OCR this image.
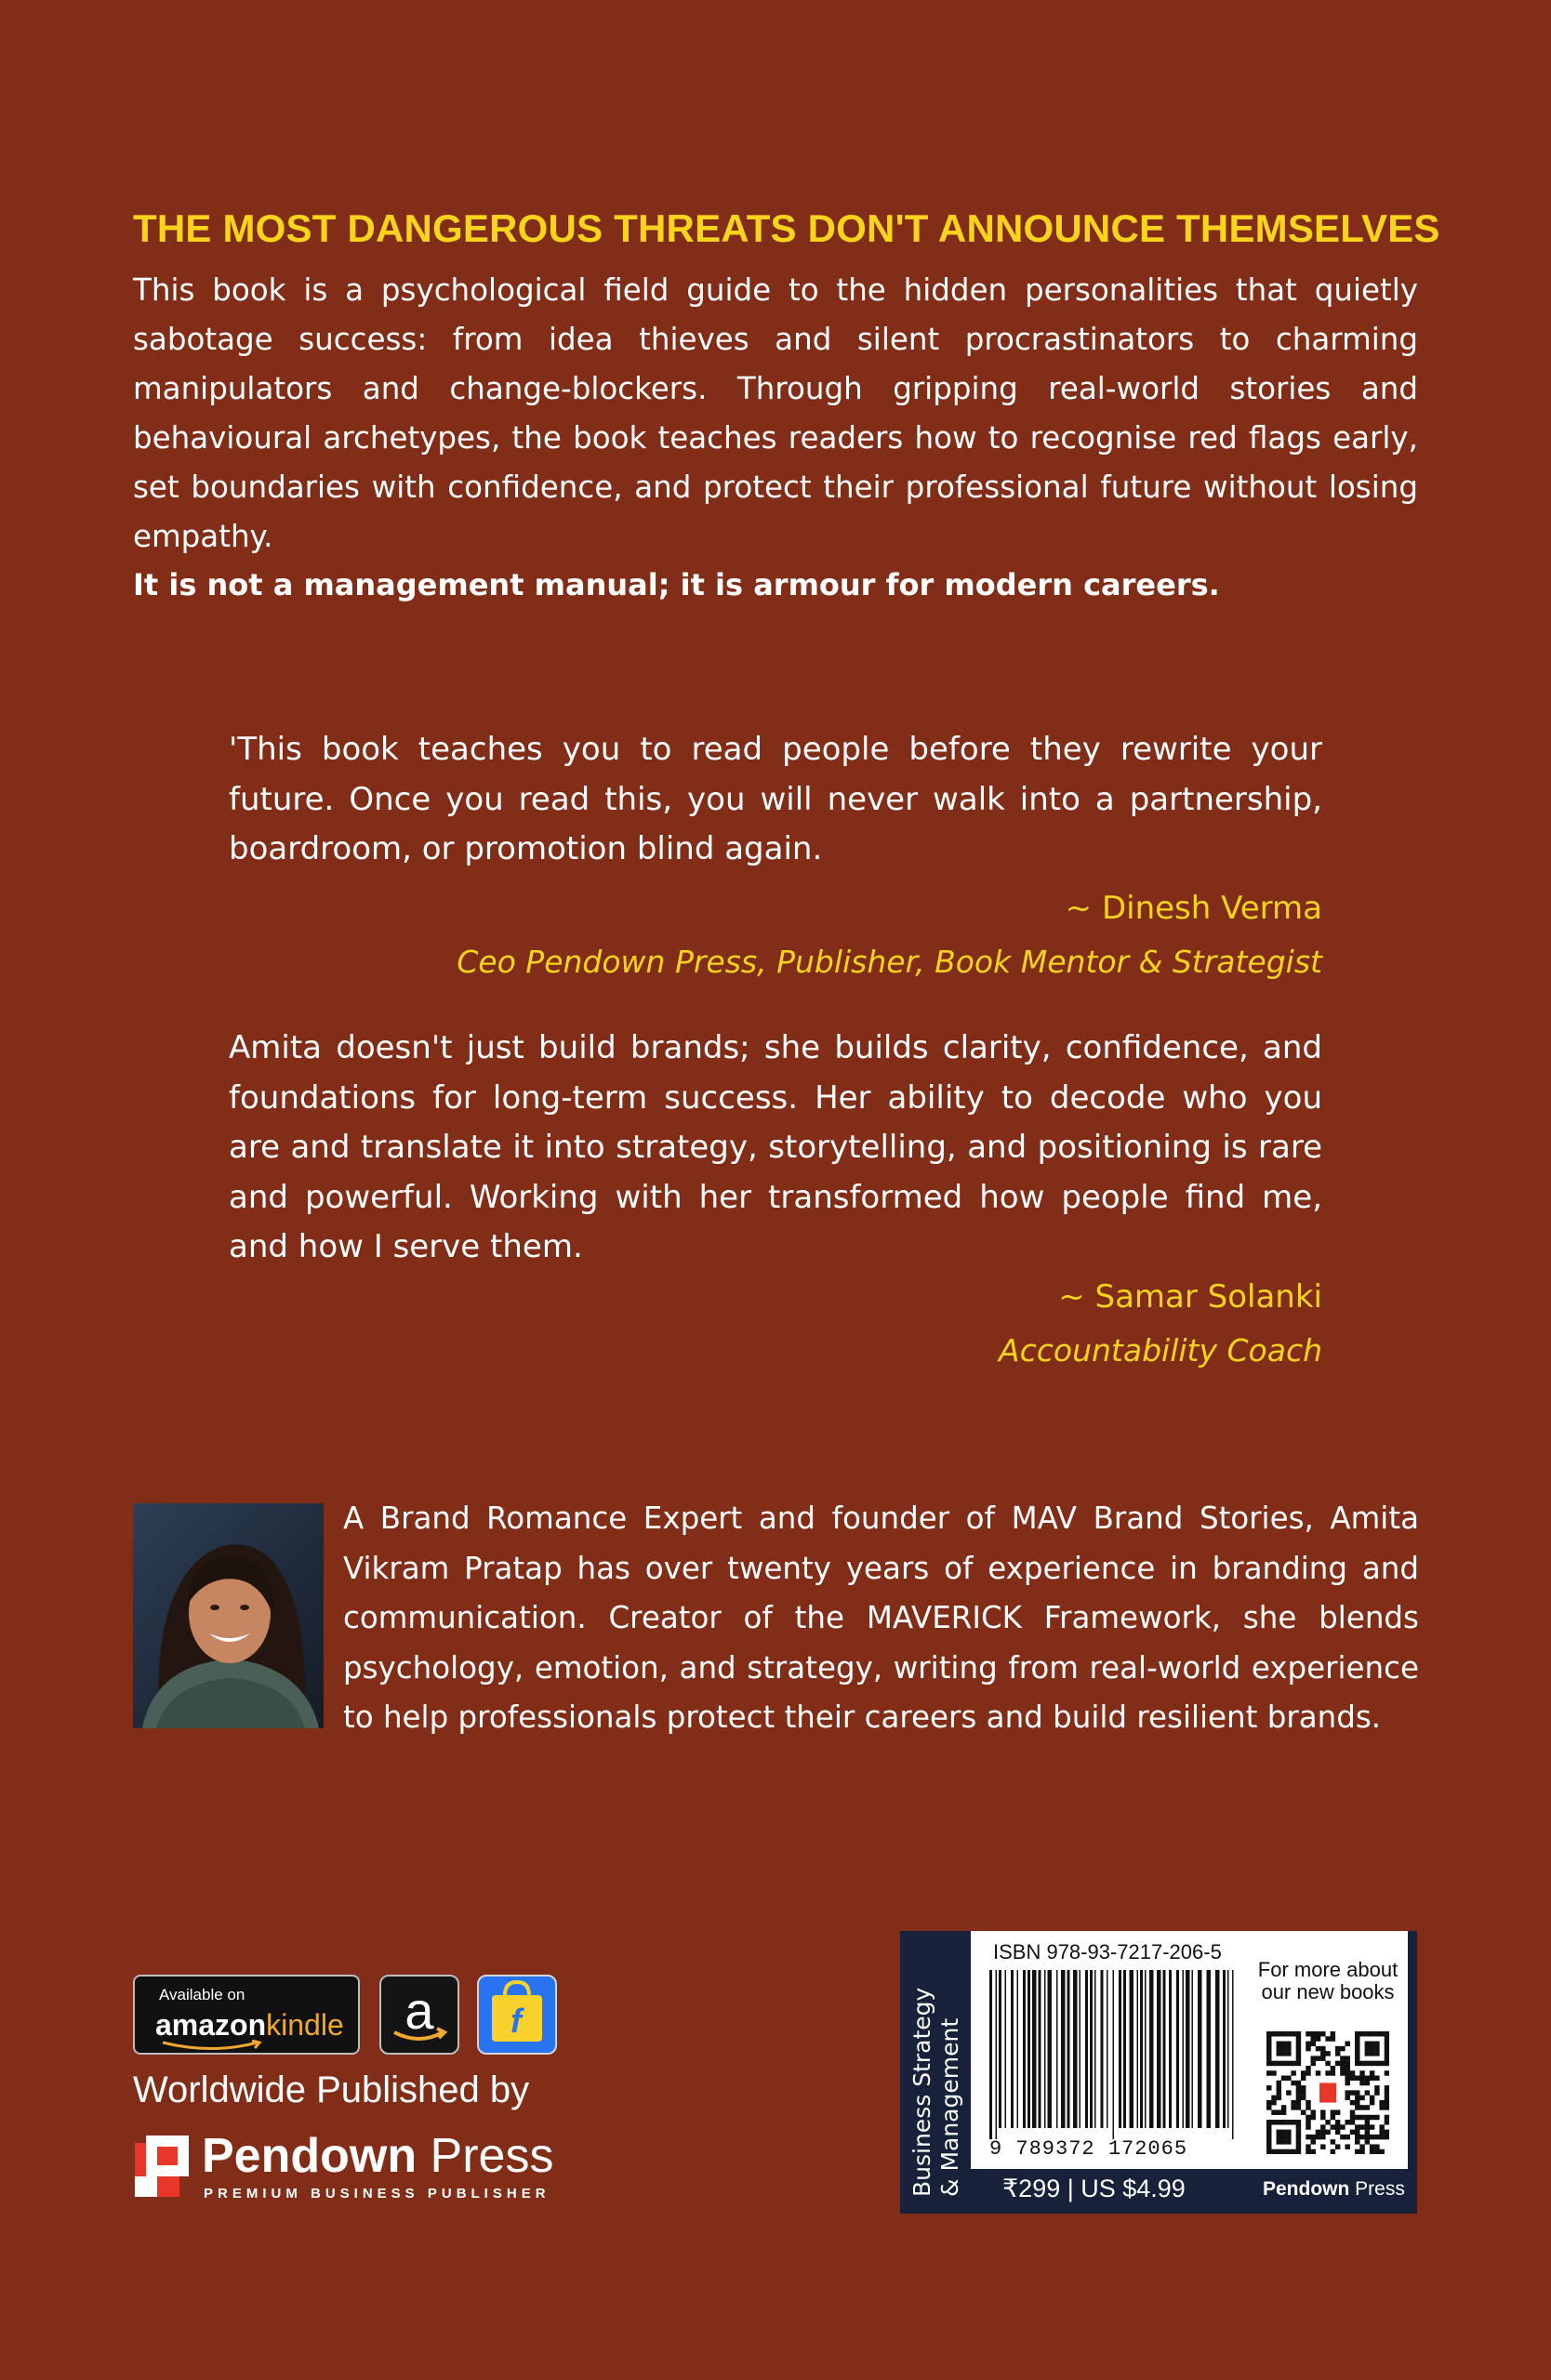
THE MOST DANGEROUS THREATS DON'T ANNOUNCE THEMSELVES

This book is a psychological field guide to the hidden personalities that quietly sabotage success: from idea thieves and silent procrastinators to charming manipulators and change-blockers. Through gripping real-world stories and behavioural archetypes, the book teaches readers how to recognise red flags early, set boundaries with confidence, and protect their professional future without losing empathy.

It is not a management manual; it is armour for modern careers.

'This book teaches you to read people before they rewrite your future. Once you read this, you will never walk into a partnership, boardroom, or promotion blind again.

~ Dinesh Verma
Ceo Pendown Press, Publisher, Book Mentor & Strategist

Amita doesn't just build brands; she builds clarity, confidence, and foundations for long-term success. Her ability to decode who you are and translate it into strategy, storytelling, and positioning is rare and powerful. Working with her transformed how people find me, and how I serve them.

~ Samar Solanki
Accountability Coach

A Brand Romance Expert and founder of MAV Brand Stories, Amita Vikram Pratap has over twenty years of experience in branding and communication. Creator of the MAVERICK Framework, she blends psychology, emotion, and strategy, writing from real-world experience to help professionals protect their careers and build resilient brands.

Available on
amazonkindle a f
Worldwide Published by
Pendown Press
PREMIUM BUSINESS PUBLISHER	Business Strategy & Management
ISBN 978-93-7217-206-5
9 789372 172065
For more about our new books
₹299 | US $4.99	Pendown Press
